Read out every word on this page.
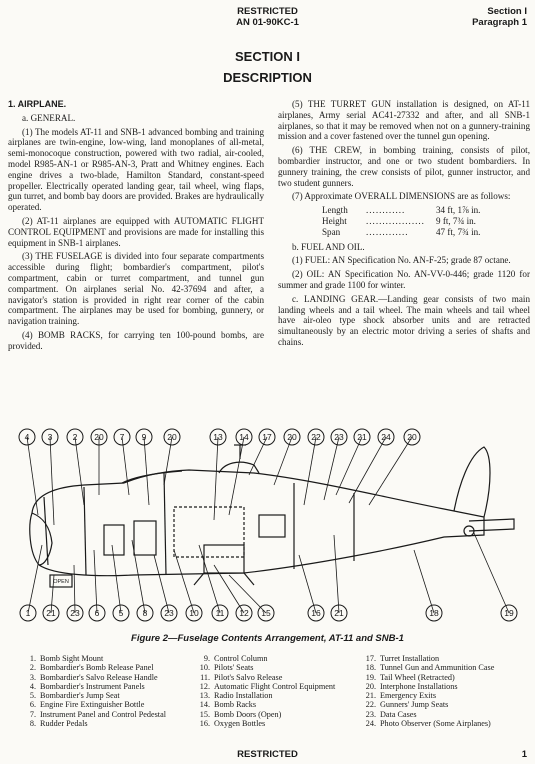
RESTRICTED
AN 01-90KC-1
Section I
Paragraph 1
SECTION I
DESCRIPTION

1. AIRPLANE.

a. GENERAL.

(1) The models AT-11 and SNB-1 advanced bombing and training airplanes are twin-engine, low-wing, land monoplanes of all-metal, semi-monocoque construction, powered with two radial, air-cooled, model R985-AN-1 or R985-AN-3, Pratt and Whitney engines. Each engine drives a two-blade, Hamilton Standard, constant-speed propeller. Electrically operated landing gear, tail wheel, wing flaps, gun turret, and bomb bay doors are provided. Brakes are hydraulically operated.

(2) AT-11 airplanes are equipped with AUTOMATIC FLIGHT CONTROL EQUIPMENT and provisions are made for installing this equipment in SNB-1 airplanes.

(3) THE FUSELAGE is divided into four separate compartments accessible during flight; bombardier's compartment, pilot's compartment, cabin or turret compartment, and tunnel gun compartment. On airplanes serial No. 42-37694 and after, a navigator's station is provided in right rear corner of the cabin compartment. The airplanes may be used for bombing, gunnery, or navigation training.

(4) BOMB RACKS, for carrying ten 100-pound bombs, are provided.

(5) THE TURRET GUN installation is designed, on AT-11 airplanes, Army serial AC41-27332 and after, and all SNB-1 airplanes, so that it may be removed when not on a gunnery-training mission and a cover fastened over the tunnel gun opening.

(6) THE CREW, in bombing training, consists of pilot, bombardier instructor, and one or two student bombardiers. In gunnery training, the crew consists of pilot, gunner instructor, and two student gunners.

(7) Approximate OVERALL DIMENSIONS are as follows:

Length	............	34 ft, 1⅞ in.
Height	..................	9 ft, 7¾ in.
Span	.............	47 ft, 7¾ in.

b. FUEL AND OIL.

(1) FUEL: AN Specification No. AN-F-25; grade 87 octane.

(2) OIL: AN Specification No. AN-VV-0-446; grade 1120 for summer and grade 1100 for winter.

c. LANDING GEAR.—Landing gear consists of two main landing wheels and a tail wheel. The main wheels and tail wheel have air-oleo type shock absorber units and are retracted simultaneously by an electric motor driving a series of shafts and chains.

OPEN
4 3 2 20 7 9 20	13 14 17 20 22 23 21 24 20
1 21 23 6 5 8 23 10 11 12 15	16 21	18	19
Figure 2—Fuselage Contents Arrangement, AT-11 and SNB-1
1. Bomb Sight Mount
2. Bombardier's Bomb Release Panel
3. Bombardier's Salvo Release Handle
4. Bombardier's Instrument Panels
5. Bombardier's Jump Seat
6. Engine Fire Extinguisher Bottle
7. Instrument Panel and Control Pedestal
8. Rudder Pedals
9. Control Column
10. Pilots' Seats
11. Pilot's Salvo Release
12. Automatic Flight Control Equipment
13. Radio Installation
14. Bomb Racks
15. Bomb Doors (Open)
16. Oxygen Bottles
17. Turret Installation
18. Tunnel Gun and Ammunition Case
19. Tail Wheel (Retracted)
20. Interphone Installations
21. Emergency Exits
22. Gunners' Jump Seats
23. Data Cases
24. Photo Observer (Some Airplanes)
RESTRICTED	1
